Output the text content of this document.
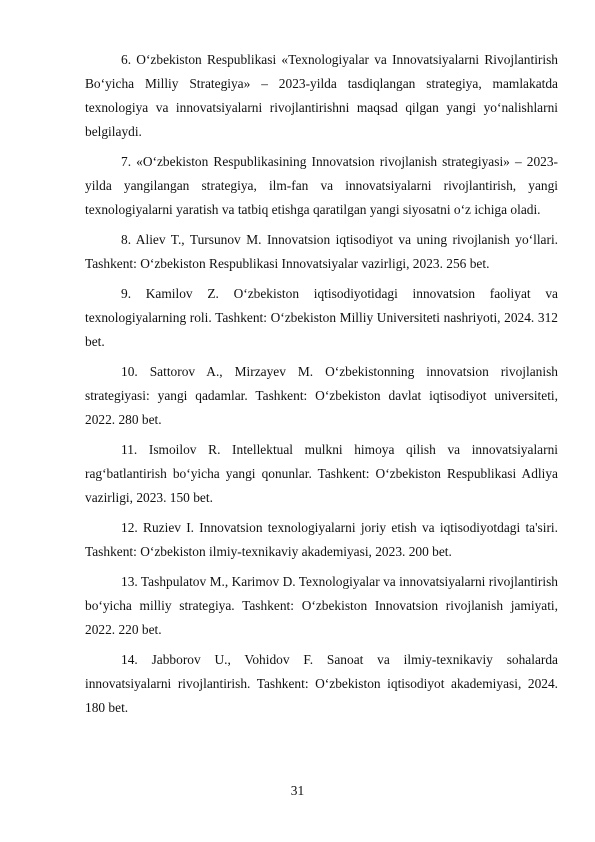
6. O‘zbekiston Respublikasi «Texnologiyalar va Innovatsiyalarni Rivojlantirish Bo‘yicha Milliy Strategiya» – 2023-yilda tasdiqlangan strategiya, mamlakatda texnologiya va innovatsiyalarni rivojlantirishni maqsad qilgan yangi yo‘nalishlarni belgilaydi.
7. «O‘zbekiston Respublikasining Innovatsion rivojlanish strategiyasi» – 2023-yilda yangilangan strategiya, ilm-fan va innovatsiyalarni rivojlantirish, yangi texnologiyalarni yaratish va tatbiq etishga qaratilgan yangi siyosatni o‘z ichiga oladi.
8. Aliev T., Tursunov M. Innovatsion iqtisodiyot va uning rivojlanish yo‘llari. Tashkent: O‘zbekiston Respublikasi Innovatsiyalar vazirligi, 2023. 256 bet.
9. Kamilov Z. O‘zbekiston iqtisodiyotidagi innovatsion faoliyat va texnologiyalarning roli. Tashkent: O‘zbekiston Milliy Universiteti nashriyoti, 2024. 312 bet.
10. Sattorov A., Mirzayev M. O‘zbekistonning innovatsion rivojlanish strategiyasi: yangi qadamlar. Tashkent: O‘zbekiston davlat iqtisodiyot universiteti, 2022. 280 bet.
11. Ismoilov R. Intellektual mulkni himoya qilish va innovatsiyalarni rag‘batlantirish bo‘yicha yangi qonunlar. Tashkent: O‘zbekiston Respublikasi Adliya vazirligi, 2023. 150 bet.
12. Ruziev I. Innovatsion texnologiyalarni joriy etish va iqtisodiyotdagi ta'siri. Tashkent: O‘zbekiston ilmiy-texnikaviy akademiyasi, 2023. 200 bet.
13. Tashpulatov M., Karimov D. Texnologiyalar va innovatsiyalarni rivojlantirish bo‘yicha milliy strategiya. Tashkent: O‘zbekiston Innovatsion rivojlanish jamiyati, 2022. 220 bet.
14. Jabborov U., Vohidov F. Sanoat va ilmiy-texnikaviy sohalarda innovatsiyalarni rivojlantirish. Tashkent: O‘zbekiston iqtisodiyot akademiyasi, 2024. 180 bet.
31
